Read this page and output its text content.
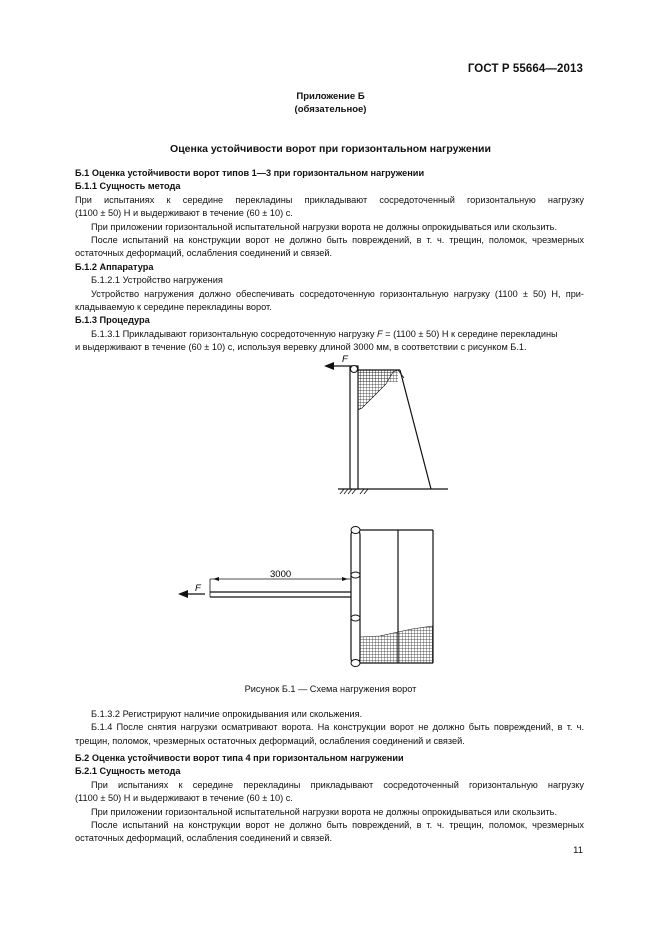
ГОСТ Р 55664—2013
Приложение Б
(обязательное)
Оценка устойчивости ворот при горизонтальном нагружении
Б.1 Оценка устойчивости ворот типов 1—3 при горизонтальном нагружении
Б.1.1 Сущность метода
При испытаниях к середине перекладины прикладывают сосредоточенный горизонтальную нагрузку
(1100 ± 50) Н и выдерживают в течение (60 ± 10) с.
При приложении горизонтальной испытательной нагрузки ворота не должны опрокидываться или скользить.
После испытаний на конструкции ворот не должно быть повреждений, в т. ч. трещин, поломок, чрезмерных
остаточных деформаций, ослабления соединений и связей.
Б.1.2 Аппаратура
Б.1.2.1 Устройство нагружения
Устройство нагружения должно обеспечивать сосредоточенную горизонтальную нагрузку (1100 ± 50) Н, при-
кладываемую к середине перекладины ворот.
Б.1.3 Процедура
Б.1.3.1 Прикладывают горизонтальную сосредоточенную нагрузку F = (1100 ± 50) Н к середине перекладины
и выдерживают в течение (60 ± 10) с, используя веревку длиной 3000 мм, в соответствии с рисунком Б.1.
F
3000
F
Рисунок Б.1 — Схема нагружения ворот
Б.1.3.2 Регистрируют наличие опрокидывания или скольжения.
Б.1.4 После снятия нагрузки осматривают ворота. На конструкции ворот не должно быть повреждений, в т. ч.
трещин, поломок, чрезмерных остаточных деформаций, ослабления соединений и связей.
Б.2 Оценка устойчивости ворот типа 4 при горизонтальном нагружении
Б.2.1 Сущность метода
При испытаниях к середине перекладины прикладывают сосредоточенный горизонтальную нагрузку
(1100 ± 50) Н и выдерживают в течение (60 ± 10) с.
При приложении горизонтальной испытательной нагрузки ворота не должны опрокидываться или скользить.
После испытаний на конструкции ворот не должно быть повреждений, в т. ч. трещин, поломок, чрезмерных
остаточных деформаций, ослабления соединений и связей.
11
